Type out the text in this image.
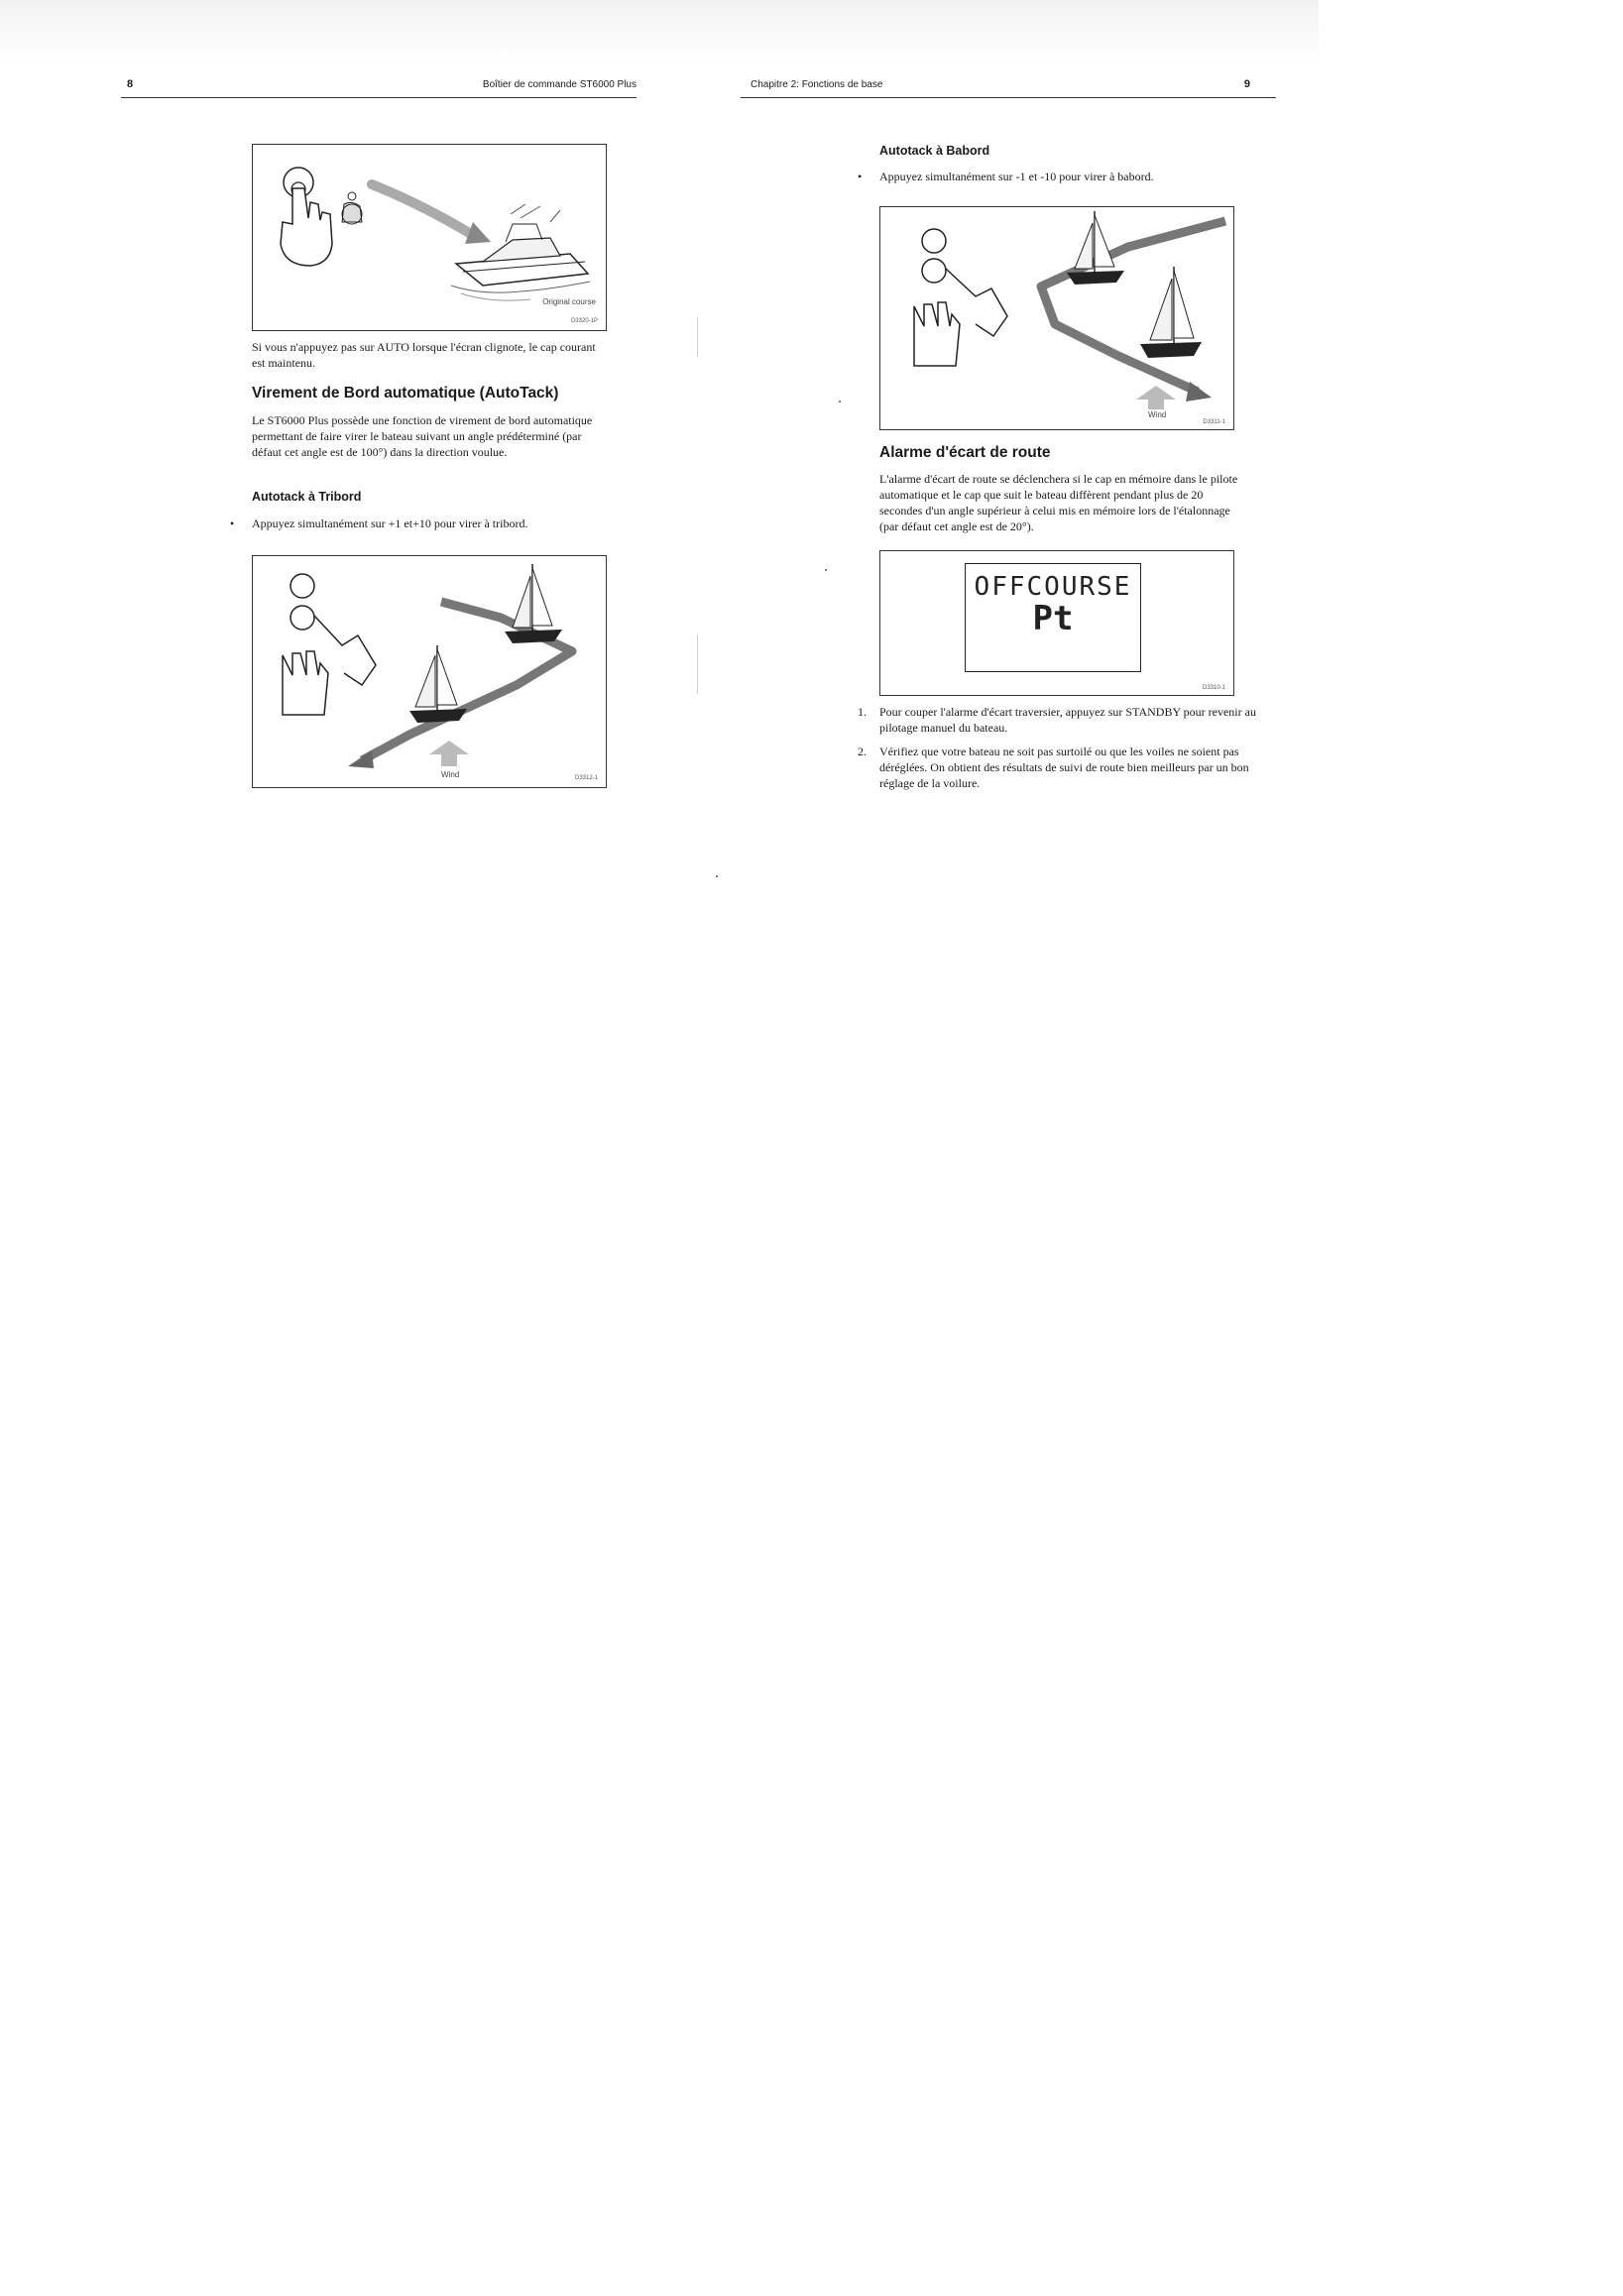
8	Boîtier de commande ST6000 Plus
Original course
D3320-1P
Si vous n'appuyez pas sur AUTO lorsque l'écran clignote, le cap courant est maintenu.
Virement de Bord automatique (AutoTack)
Le ST6000 Plus possède une fonction de virement de bord automatique permettant de faire virer le bateau suivant un angle prédéterminé (par défaut cet angle est de 100°) dans la direction voulue.
Autotack à Tribord
• Appuyez simultanément sur +1 et+10 pour virer à tribord.
Wind	D3312-1
Chapitre 2: Fonctions de base	9
Autotack à Babord
• Appuyez simultanément sur -1 et -10 pour virer à babord.
Wind
D3311-1
Alarme d'écart de route
L'alarme d'écart de route se déclenchera si le cap en mémoire dans le pilote automatique et le cap que suit le bateau diffèrent pendant plus de 20 secondes d'un angle supérieur à celui mis en mémoire lors de l'étalonnage (par défaut cet angle est de 20°).
OFFCOURSE
Pt
D3310-1
1. Pour couper l'alarme d'écart traversier, appuyez sur STANDBY pour revenir au pilotage manuel du bateau.
2. Vérifiez que votre bateau ne soit pas surtoilé ou que les voiles ne soient pas déréglées. On obtient des résultats de suivi de route bien meilleurs par un bon réglage de la voilure.
